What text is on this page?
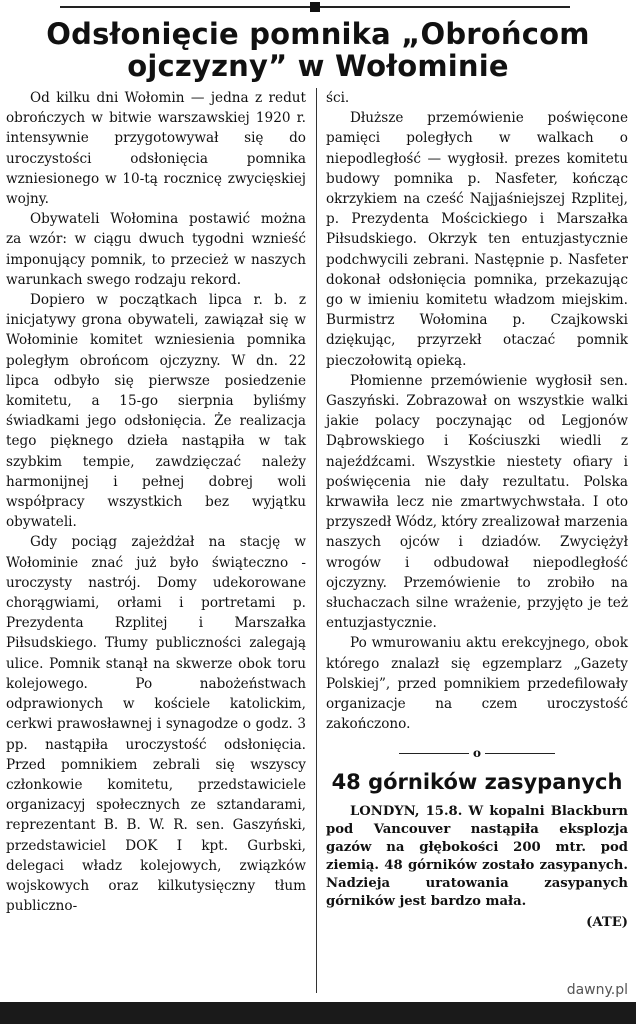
Odsłonięcie pomnika „Obrońcom ojczyzny” w Wołominie

Od kilku dni Wołomin — jedna z redut obrończych w bitwie warszawskiej 1920 r. intensywnie przygotowywał się do uroczystości odsłonięcia pomnika wzniesionego w 10-tą rocznicę zwycięskiej wojny.

Obywateli Wołomina postawić można za wzór: w ciągu dwuch tygodni wznieść imponujący pomnik, to przecież w naszych warunkach swego rodzaju rekord.

Dopiero w początkach lipca r. b. z inicjatywy grona obywateli, zawiązał się w Wołominie komitet wzniesienia pomnika poległym obrońcom ojczyzny. W dn. 22 lipca odbyło się pierwsze posiedzenie komitetu, a 15-go sierpnia byliśmy świadkami jego odsłonięcia. Że realizacja tego pięknego dzieła nastąpiła w tak szybkim tempie, zawdzięczać należy harmonijnej i pełnej dobrej woli współpracy wszystkich bez wyjątku obywateli.

Gdy pociąg zajeżdżał na stację w Wołominie znać już było świąteczno - uroczysty nastrój. Domy udekorowane chorągwiami, orłami i portretami p. Prezydenta Rzplitej i Marszałka Piłsudskiego. Tłumy publiczności zalegają ulice. Pomnik stanął na skwerze obok toru kolejowego. Po nabożeństwach odprawionych w kościele katolickim, cerkwi prawosławnej i synagodze o godz. 3 pp. nastąpiła uroczystość odsłonięcia. Przed pomnikiem zebrali się wszyscy członkowie komitetu, przedstawiciele organizacyj społecznych ze sztandarami, reprezentant B. B. W. R. sen. Gaszyński, przedstawiciel DOK I kpt. Gurbski, delegaci władz kolejowych, związków wojskowych oraz kilkutysięczny tłum publiczno-

ści.

Dłuższe przemówienie poświęcone pamięci poległych w walkach o niepodległość — wygłosił. prezes komitetu budowy pomnika p. Nasfeter, kończąc okrzykiem na cześć Najjaśniejszej Rzplitej, p. Prezydenta Mościckiego i Marszałka Piłsudskiego. Okrzyk ten entuzjastycznie podchwycili zebrani. Następnie p. Nasfeter dokonał odsłonięcia pomnika, przekazując go w imieniu komitetu władzom miejskim. Burmistrz Wołomina p. Czajkowski dziękując, przyrzekł otaczać pomnik pieczołowitą opieką.

Płomienne przemówienie wygłosił sen. Gaszyński. Zobrazował on wszystkie walki jakie polacy poczynając od Legjonów Dąbrowskiego i Kościuszki wiedli z najeźdźcami. Wszystkie niestety ofiary i poświęcenia nie dały rezultatu. Polska krwawiła lecz nie zmartwychwstała. I oto przyszedł Wódz, który zrealizował marzenia naszych ojców i dziadów. Zwyciężył wrogów i odbudował niepodległość ojczyzny. Przemówienie to zrobiło na słuchaczach silne wrażenie, przyjęto je też entuzjastycznie.

Po wmurowaniu aktu erekcyjnego, obok którego znalazł się egzemplarz „Gazety Polskiej”, przed pomnikiem przedefilowały organizacje na czem uroczystość zakończono.

o
48 górników zasypanych

LONDYN, 15.8. W kopalni Blackburn pod Vancouver nastąpiła eksplozja gazów na głębokości 200 mtr. pod ziemią. 48 górników zostało zasypanych. Nadzieja uratowania zasypanych górników jest bardzo mała.

(ATE)
dawny.pl
